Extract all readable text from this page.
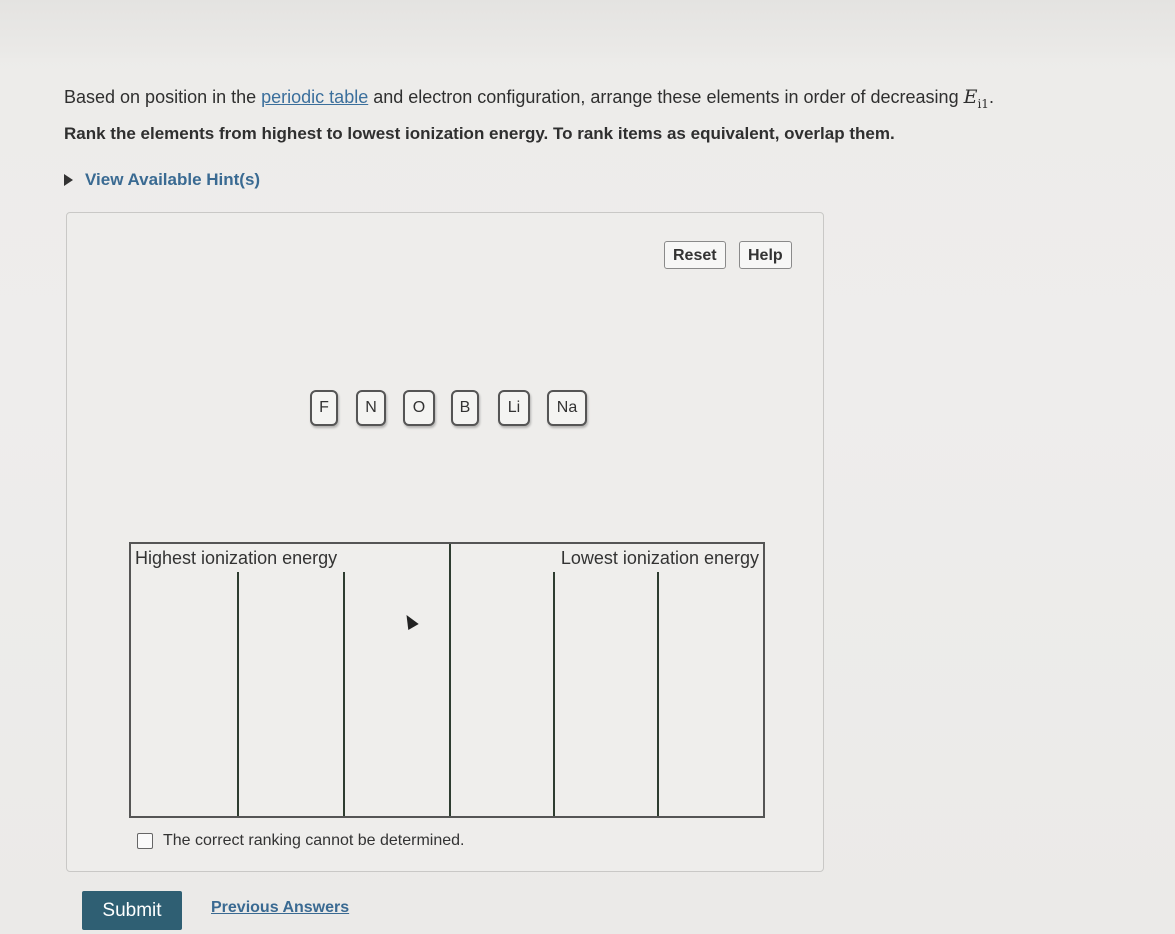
Based on position in the periodic table and electron configuration, arrange these elements in order of decreasing $E_{i1}$.
Rank the elements from highest to lowest ionization energy. To rank items as equivalent, overlap them.
View Available Hint(s)
Reset	Help
F	N	O	B	Li	Na
Highest ionization energy	Lowest ionization energy
The correct ranking cannot be determined.
Submit	Previous Answers
